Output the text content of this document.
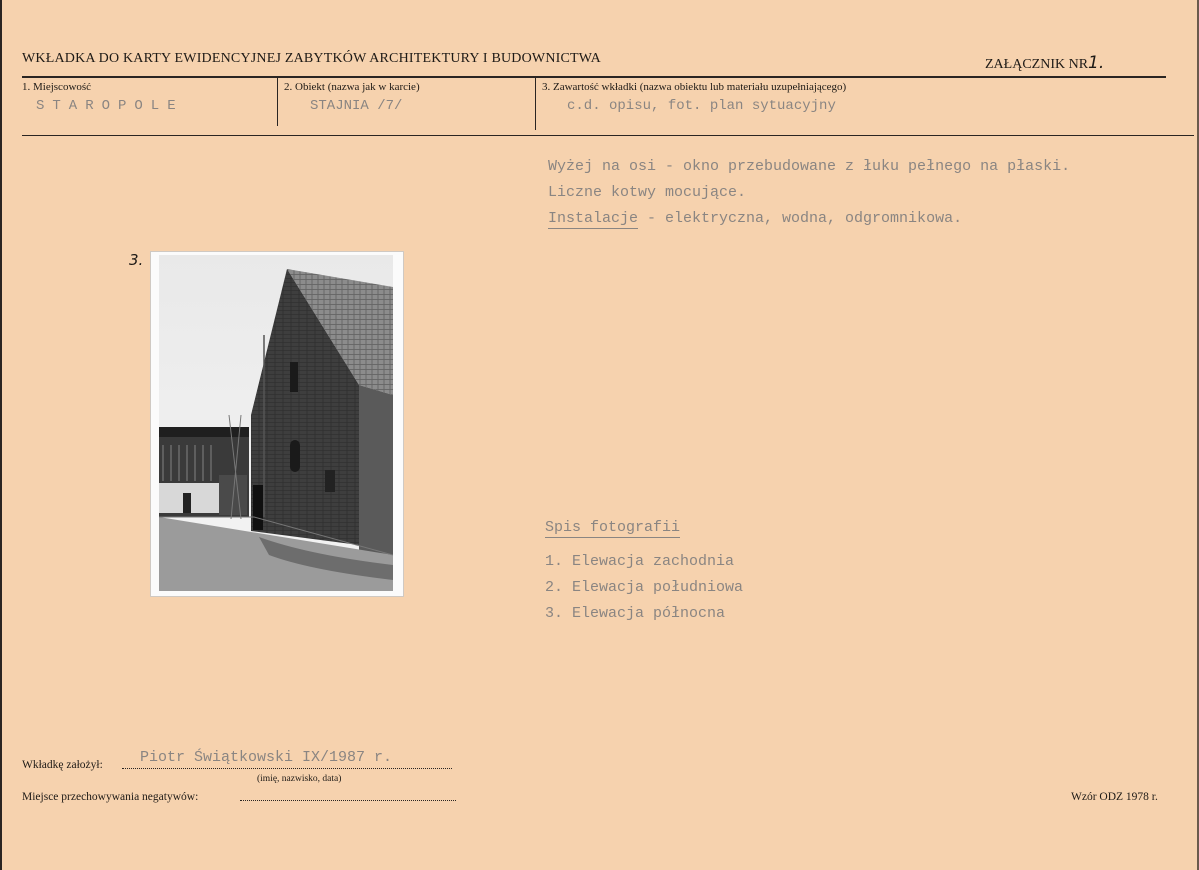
WKŁADKA DO KARTY EWIDENCYJNEJ ZABYTKÓW ARCHITEKTURY I BUDOWNICTWA	ZAŁĄCZNIK NR1.
1. Miejscowość
STAROPOLE
2. Obiekt (nazwa jak w karcie)
STAJNIA /7/
3. Zawartość wkładki (nazwa obiektu lub materiału uzupełniającego)
c.d. opisu, fot. plan sytuacyjny
Wyżej na osi - okno przebudowane z łuku pełnego na płaski.
Liczne kotwy mocujące.
Instalacje - elektryczna, wodna, odgromnikowa.
3.
Spis fotografii
1. Elewacja zachodnia
2. Elewacja południowa
3. Elewacja północna
Wkładkę założył: Piotr Świątkowski IX/1987 r.
(imię, nazwisko, data)
Miejsce przechowywania negatywów:	Wzór ODZ 1978 r.
